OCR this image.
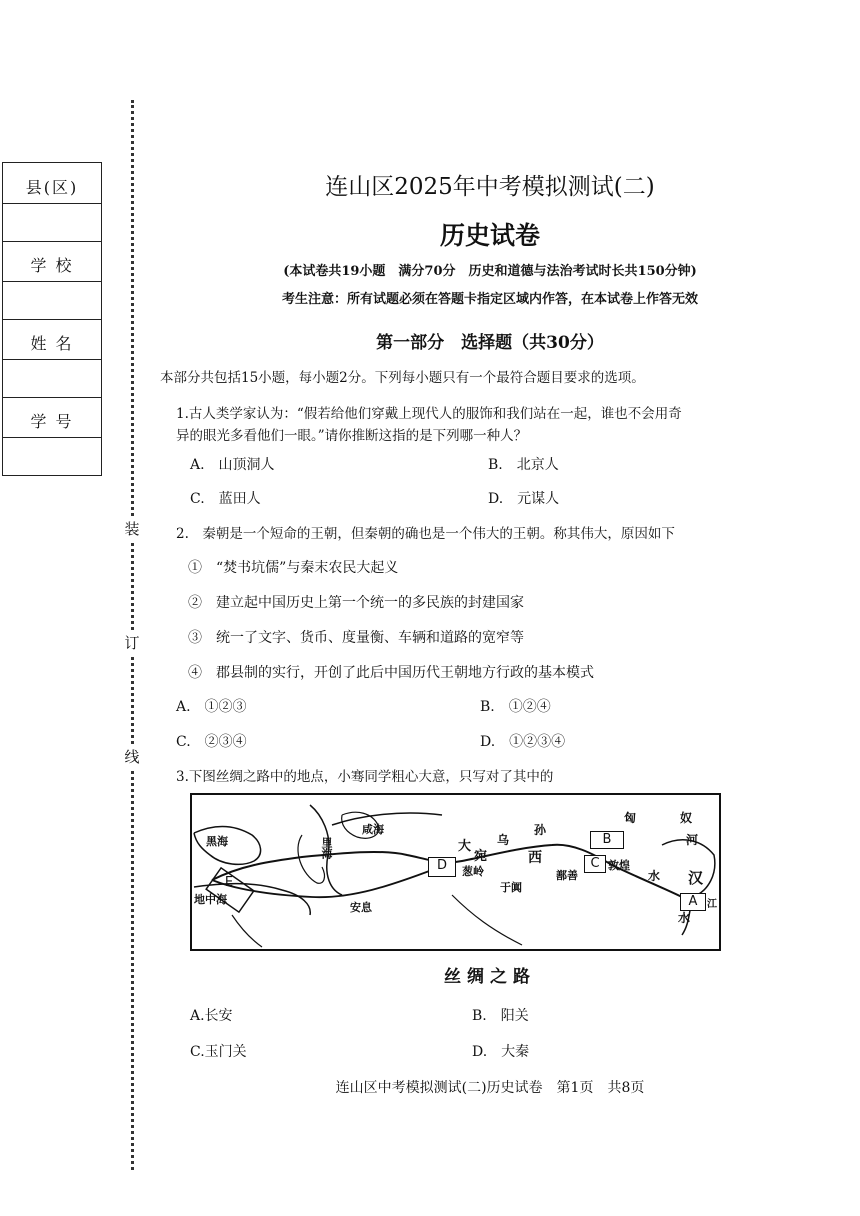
县(区)
学 校
姓 名
学 号
装
订
线
连山区2025年中考模拟测试(二)
历史试卷
(本试卷共19小题　满分70分　历史和道德与法治考试时长共150分钟)
考生注意：所有试题必须在答题卡指定区域内作答，在本试卷上作答无效
第一部分　选择题（共30分）
本部分共包括15小题，每小题2分。下列每小题只有一个最符合题目要求的选项。
1.古人类学家认为：“假若给他们穿戴上现代人的服饰和我们站在一起，谁也不会用奇
异的眼光多看他们一眼。”请你推断这指的是下列哪一种人？
A.　山顶洞人	B.　北京人
C.　蓝田人	D.　元谋人
2.　秦朝是一个短命的王朝，但秦朝的确也是一个伟大的王朝。称其伟大，原因如下
①　“焚书坑儒”与秦末农民大起义
②　建立起中国历史上第一个统一的多民族的封建国家
③　统一了文字、货币、度量衡、车辆和道路的宽窄等
④　郡县制的实行，开创了此后中国历代王朝地方行政的基本模式
A.　①②③	B.　①②④
C.　②③④	D.　①②③④
3.下图丝绸之路中的地点，小骞同学粗心大意，只写对了其中的
黑海	里海
咸海
地中海
安息
大
宛
葱岭
乌
孙
匈	奴
河
西
于阗
鄯善
敦煌
水 汉
水
江
A
B
C
D
E
丝绸之路
A.长安	B.　阳关
C.玉门关	D.　大秦
连山区中考模拟测试(二)历史试卷　第1页　共8页
